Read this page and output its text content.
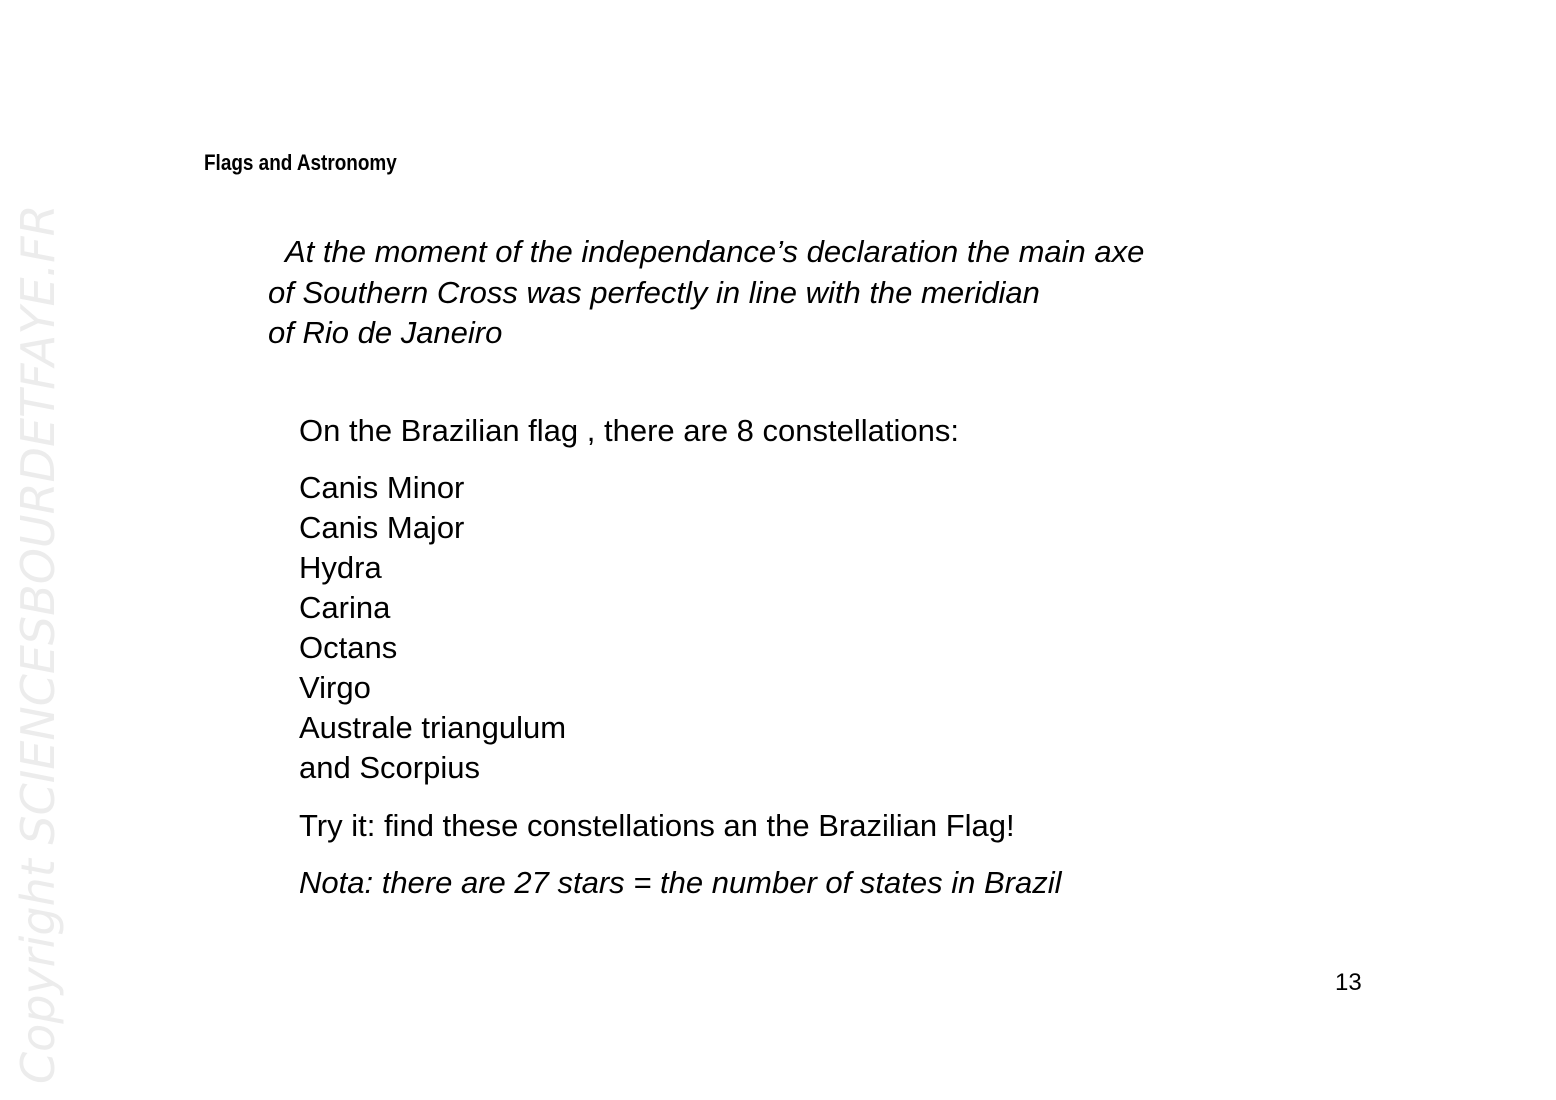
Copyright SCIENCESBOURDETFAYE.FR
Flags and Astronomy
At the moment of the independance’s declaration the main axe
of Southern Cross was perfectly in line with the meridian
of Rio de Janeiro
On the Brazilian flag , there are 8 constellations:
Canis Minor
Canis Major
Hydra
Carina
Octans
Virgo
Australe triangulum
and Scorpius
Try it: find these constellations an the Brazilian Flag!
Nota: there are 27 stars = the number of states in Brazil
13
